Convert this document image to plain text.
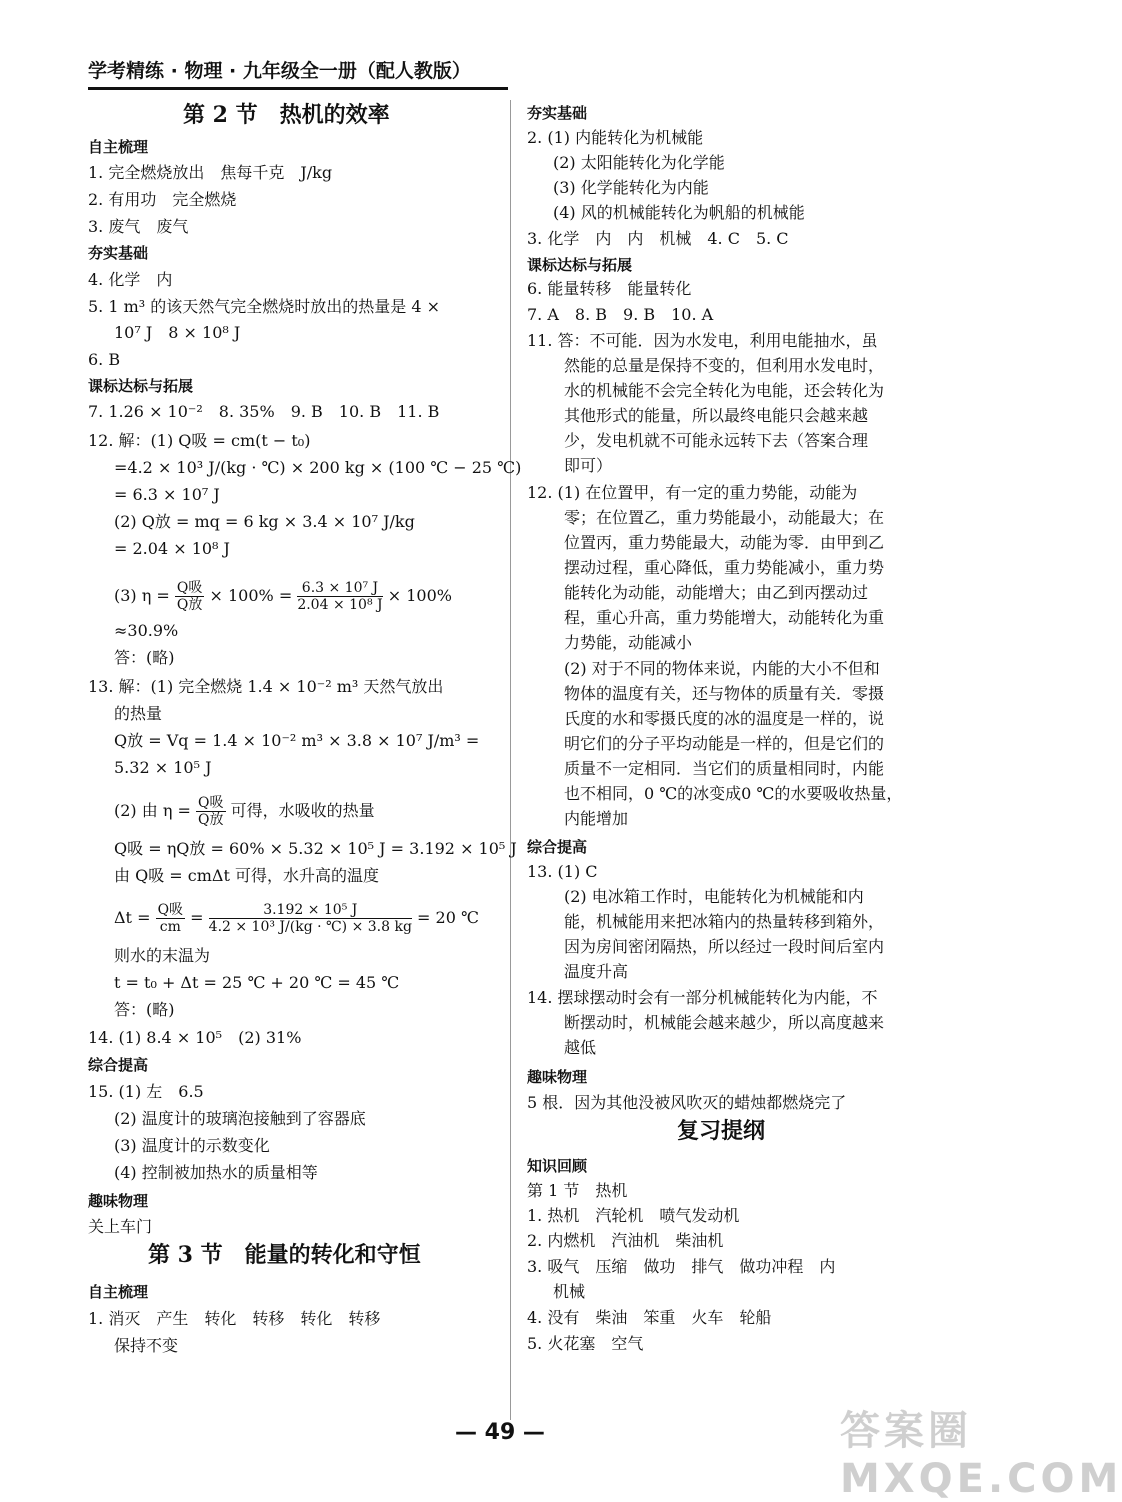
学考精练 · 物理 · 九年级全一册（配人教版）
第 2 节　热机的效率
自主梳理
1. 完全燃烧放出　焦每千克　J/kg
2. 有用功　完全燃烧
3. 废气　废气
夯实基础
4. 化学　内
5. 1 m³ 的该天然气完全燃烧时放出的热量是 4 ×
10⁷ J　8 × 10⁸ J
6. B
课标达标与拓展
7. 1.26 × 10⁻²　8. 35%　9. B　10. B　11. B
12. 解：(1) Q吸 = cm(t − t₀)
=4.2 × 10³ J/(kg · ℃) × 200 kg × (100 ℃ − 25 ℃)
= 6.3 × 10⁷ J
(2) Q放 = mq = 6 kg × 3.4 × 10⁷ J/kg
= 2.04 × 10⁸ J
(3) $\eta = \frac{\text{Q吸}}{\text{Q放}} \times 100\% = \frac{\text{6.3 × 10⁷ J}}{\text{2.04 × 10⁸ J}} \times 100\%$
≈30.9%
答：(略)
13. 解：(1) 完全燃烧 1.4 × 10⁻² m³ 天然气放出
的热量
Q放 = Vq = 1.4 × 10⁻² m³ × 3.8 × 10⁷ J/m³ =
5.32 × 10⁵ J
(2) 由 $\eta = \frac{\text{Q吸}}{\text{Q放}}$ 可得，水吸收的热量
Q吸 = ηQ放 = 60% × 5.32 × 10⁵ J = 3.192 × 10⁵ J
由 Q吸 = cmΔt 可得，水升高的温度
$\Delta t = \frac{\text{Q吸}}{cm} = \frac{\text{3.192 × 10⁵ J}}{\text{4.2 × 10³ J/(kg · ℃) × 3.8 kg}} = 20$ ℃
则水的末温为
t = t₀ + Δt = 25 ℃ + 20 ℃ = 45 ℃
答：(略)
14. (1) 8.4 × 10⁵　(2) 31%
综合提高
15. (1) 左　6.5
(2) 温度计的玻璃泡接触到了容器底
(3) 温度计的示数变化
(4) 控制被加热水的质量相等
趣味物理
关上车门
第 3 节　能量的转化和守恒
自主梳理
1. 消灭　产生　转化　转移　转化　转移
保持不变
夯实基础
2. (1) 内能转化为机械能
(2) 太阳能转化为化学能
(3) 化学能转化为内能
(4) 风的机械能转化为帆船的机械能
3. 化学　内　内　机械　4. C　5. C
课标达标与拓展
6. 能量转移　能量转化
7. A　8. B　9. B　10. A
11. 答：不可能．因为水发电，利用电能抽水，虽
然能的总量是保持不变的，但利用水发电时，
水的机械能不会完全转化为电能，还会转化为
其他形式的能量，所以最终电能只会越来越
少，发电机就不可能永远转下去（答案合理
即可）
12. (1) 在位置甲，有一定的重力势能，动能为
零；在位置乙，重力势能最小，动能最大；在
位置丙，重力势能最大，动能为零．由甲到乙
摆动过程，重心降低，重力势能减小，重力势
能转化为动能，动能增大；由乙到丙摆动过
程，重心升高，重力势能增大，动能转化为重
力势能，动能减小
(2) 对于不同的物体来说，内能的大小不但和
物体的温度有关，还与物体的质量有关．零摄
氏度的水和零摄氏度的冰的温度是一样的，说
明它们的分子平均动能是一样的，但是它们的
质量不一定相同．当它们的质量相同时，内能
也不相同，0 ℃的冰变成0 ℃的水要吸收热量，
内能增加
综合提高
13. (1) C
(2) 电冰箱工作时，电能转化为机械能和内
能，机械能用来把冰箱内的热量转移到箱外，
因为房间密闭隔热，所以经过一段时间后室内
温度升高
14. 摆球摆动时会有一部分机械能转化为内能，不
断摆动时，机械能会越来越少，所以高度越来
越低
趣味物理
5 根．因为其他没被风吹灭的蜡烛都燃烧完了
复习提纲
知识回顾
第 1 节　热机
1. 热机　汽轮机　喷气发动机
2. 内燃机　汽油机　柴油机
3. 吸气　压缩　做功　排气　做功冲程　内
机械
4. 没有　柴油　笨重　火车　轮船
5. 火花塞　空气
— 49 —	答案圈 MXQE.COM
